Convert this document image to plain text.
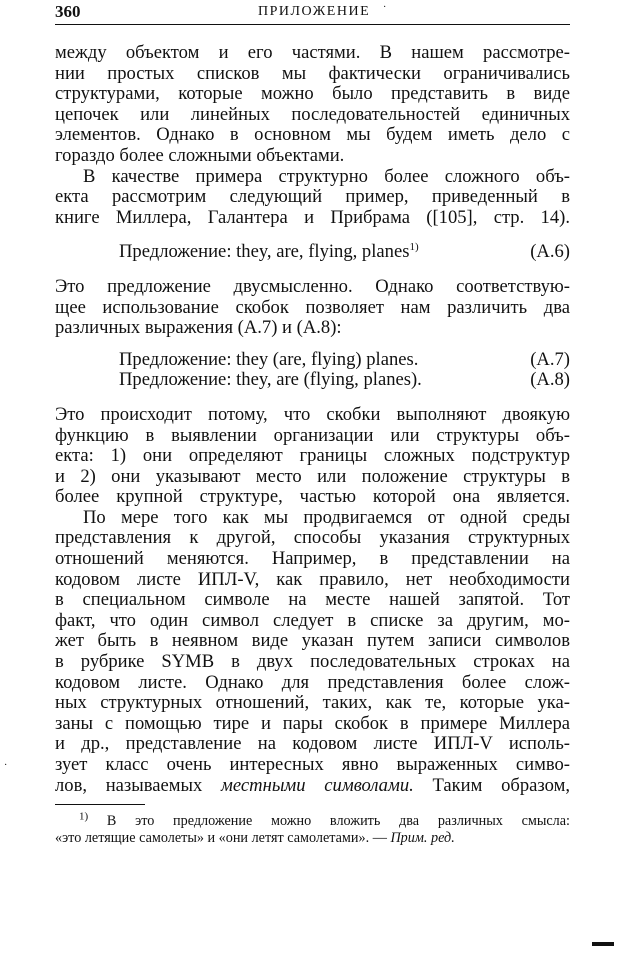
360	ПРИЛОЖЕНИЕ ·
·
между объектом и его частями. В нашем рассмотре-
нии простых списков мы фактически ограничивались
структурами, которые можно было представить в виде
цепочек или линейных последовательностей единичных
элементов. Однако в основном мы будем иметь дело с
гораздо более сложными объектами.
В качестве примера структурно более сложного объ-
екта рассмотрим следующий пример, приведенный в
книге Миллера, Галантера и Прибрама ([105], стр. 14).
Предложение: they, are, flying, planes$^{1)}$	(A.6)
Это предложение двусмысленно. Однако соответствую-
щее использование скобок позволяет нам различить два
различных выражения (A.7) и (A.8):
Предложение: they (are, flying) planes.	(A.7)
Предложение: they, are (flying, planes).	(A.8)
Это происходит потому, что скобки выполняют двоякую
функцию в выявлении организации или структуры объ-
екта: 1) они определяют границы сложных подструктур
и 2) они указывают место или положение структуры в
более крупной структуре, частью которой она является.
По мере того как мы продвигаемся от одной среды
представления к другой, способы указания структурных
отношений меняются. Например, в представлении на
кодовом листе ИПЛ-V, как правило, нет необходимости
в специальном символе на месте нашей запятой. Тот
факт, что один символ следует в списке за другим, мо-
жет быть в неявном виде указан путем записи символов
в рубрике SYMB в двух последовательных строках на
кодовом листе. Однако для представления более слож-
ных структурных отношений, таких, как те, которые ука-
заны с помощью тире и пары скобок в примере Миллера
и др., представление на кодовом листе ИПЛ-V исполь-
зует класс очень интересных явно выраженных симво-
лов, называемых местными символами. Таким образом,
$^{1)}$ В это предложение можно вложить два различных смысла:
«это летящие самолеты» и «они летят самолетами». — Прим. ред.
